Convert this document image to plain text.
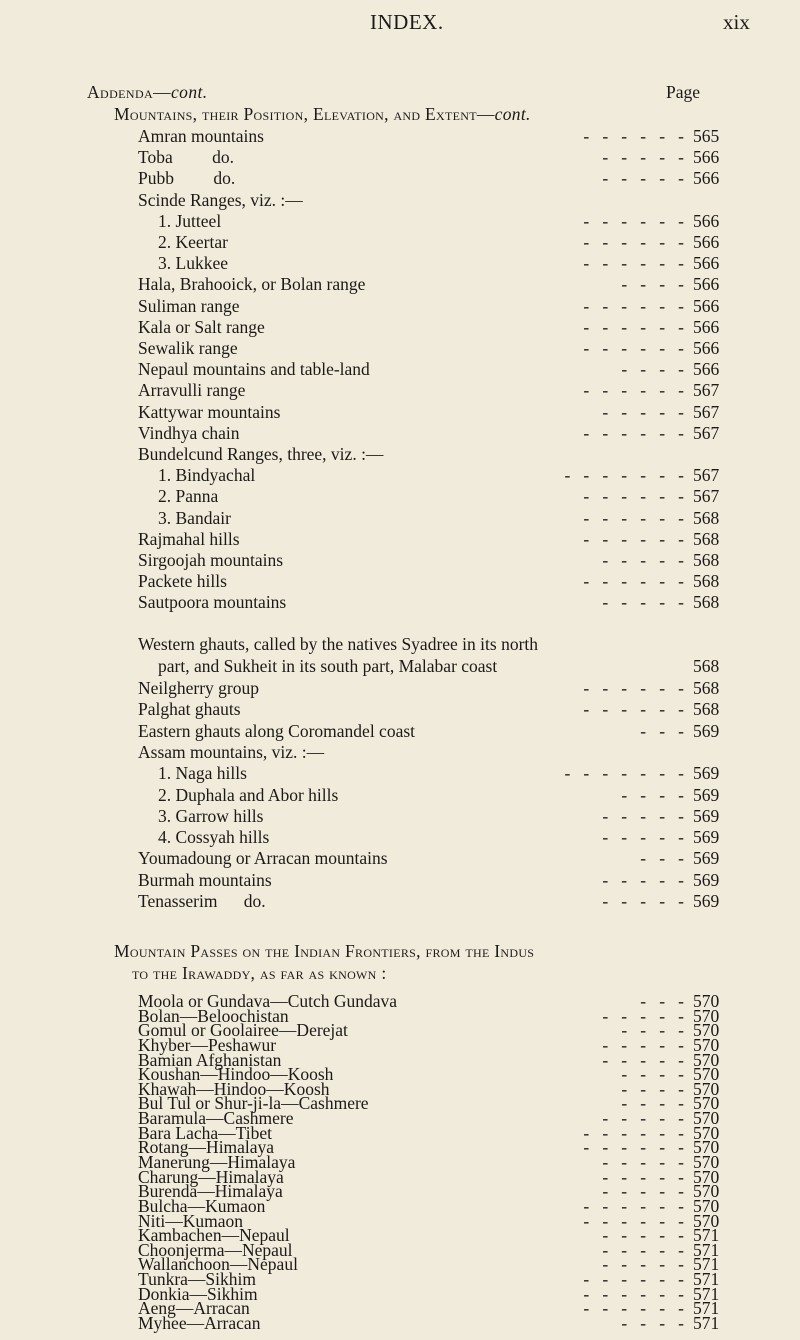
INDEX.	xix
Addenda—cont.	Page
Mountains, their Position, Elevation, and Extent—cont.
Amran mountains	-   -   -   -   -   - 565
Toba         do.	-   -   -   -   - 566
Pubb         do.	-   -   -   -   - 566
Scinde Ranges, viz. :—
1. Jutteel	-   -   -   -   -   - 566
2. Keertar	-   -   -   -   -   - 566
3. Lukkee	-   -   -   -   -   - 566
Hala, Brahooick, or Bolan range	-   -   -   - 566
Suliman range	-   -   -   -   -   - 566
Kala or Salt range	-   -   -   -   -   - 566
Sewalik range	-   -   -   -   -   - 566
Nepaul mountains and table-land	-   -   -   - 566
Arravulli range	-   -   -   -   -   - 567
Kattywar mountains	-   -   -   -   - 567
Vindhya chain	-   -   -   -   -   - 567
Bundelcund Ranges, three, viz. :—
1. Bindyachal	-   -   -   -   -   -   - 567
2. Panna	-   -   -   -   -   - 567
3. Bandair	-   -   -   -   -   - 568
Rajmahal hills	-   -   -   -   -   - 568
Sirgoojah mountains	-   -   -   -   - 568
Packete hills	-   -   -   -   -   - 568
Sautpoora mountains	-   -   -   -   - 568
Western ghauts, called by the natives Syadree in its north
part, and Sukheit in its south part, Malabar coast	568
Neilgherry group	-   -   -   -   -   - 568
Palghat ghauts	-   -   -   -   -   - 568
Eastern ghauts along Coromandel coast	-   -   - 569
Assam mountains, viz. :—
1. Naga hills	-   -   -   -   -   -   - 569
2. Duphala and Abor hills	-   -   -   - 569
3. Garrow hills	-   -   -   -   - 569
4. Cossyah hills	-   -   -   -   - 569
Youmadoung or Arracan mountains	-   -   - 569
Burmah mountains	-   -   -   -   - 569
Tenasserim      do.	-   -   -   -   - 569
Mountain Passes on the Indian Frontiers, from the Indus
to the Irawaddy, as far as known :
Moola or Gundava—Cutch Gundava	-   -   - 570
Bolan—Beloochistan	-   -   -   -   - 570
Gomul or Goolairee—Derejat	-   -   -   - 570
Khyber—Peshawur	-   -   -   -   - 570
Bamian Afghanistan	-   -   -   -   - 570
Koushan—Hindoo—Koosh	-   -   -   - 570
Khawah—Hindoo—Koosh	-   -   -   - 570
Bul Tul or Shur-ji-la—Cashmere	-   -   -   - 570
Baramula—Cashmere	-   -   -   -   - 570
Bara Lacha—Tibet	-   -   -   -   -   - 570
Rotang—Himalaya	-   -   -   -   -   - 570
Manerung—Himalaya	-   -   -   -   - 570
Charung—Himalaya	-   -   -   -   - 570
Burenda—Himalaya	-   -   -   -   - 570
Bulcha—Kumaon	-   -   -   -   -   - 570
Niti—Kumaon	-   -   -   -   -   - 570
Kambachen—Nepaul	-   -   -   -   - 571
Choonjerma—Nepaul	-   -   -   -   - 571
Wallanchoon—Nepaul	-   -   -   -   - 571
Tunkra—Sikhim	-   -   -   -   -   - 571
Donkia—Sikhim	-   -   -   -   -   - 571
Aeng—Arracan	-   -   -   -   -   - 571
Myhee—Arracan	-   -   -   - 571
